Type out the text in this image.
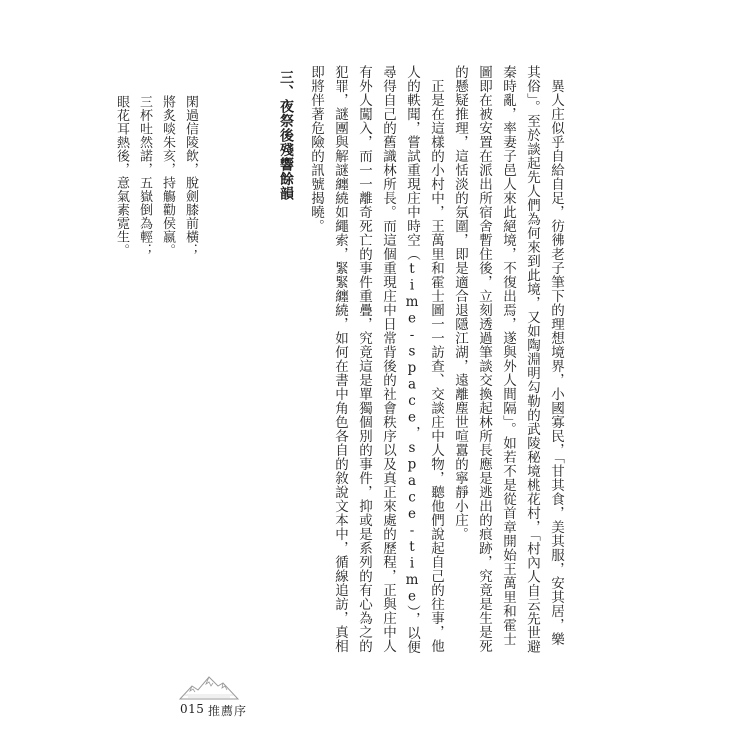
異人庄似乎自給自足，彷彿老子筆下的理想境界，小國寡民，「甘其食，美其服，安其居，樂其俗」。至於談起先人們為何來到此境，又如陶淵明勾勒的武陵秘境桃花村，「村內人自云先世避秦時亂，率妻子邑人來此絕境，不復出焉，遂與外人間隔」。如若不是從首章開始王萬里和霍士圖即在被安置在派出所宿舍暫住後，立刻透過筆談交換起林所長應是逃出的痕跡，究竟是生是死的懸疑推理，這恬淡的氛圍，即是適合退隱江湖，遠離塵世喧囂的寧靜小庄。

正是在這樣的小村中，王萬里和霍士圖一一訪查、交談庄中人物，聽他們說起自己的往事，他人的軼聞，嘗試重現庄中時空（time-space，space-time），以便尋得自己的舊識林所長。而這個重現庄中日常背後的社會秩序以及真正來處的歷程，正與庄中人有外人闖入，而一一離奇死亡的事件重疊，究竟這是單獨個別的事件，抑或是系列的有心為之的犯罪，謎團與解謎纏繞如繩索，緊緊纏繞，如何在書中角色各自的敘說文本中，循線追訪，真相即將伴著危險的訊號揭曉。

三、夜祭後殘響餘韻
閑過信陵飲，脫劍膝前橫；
將炙啖朱亥，持觴勸侯嬴。
三杯吐然諾，五嶽倒為輕；
眼花耳熱後，意氣素霓生。
015 推薦序
